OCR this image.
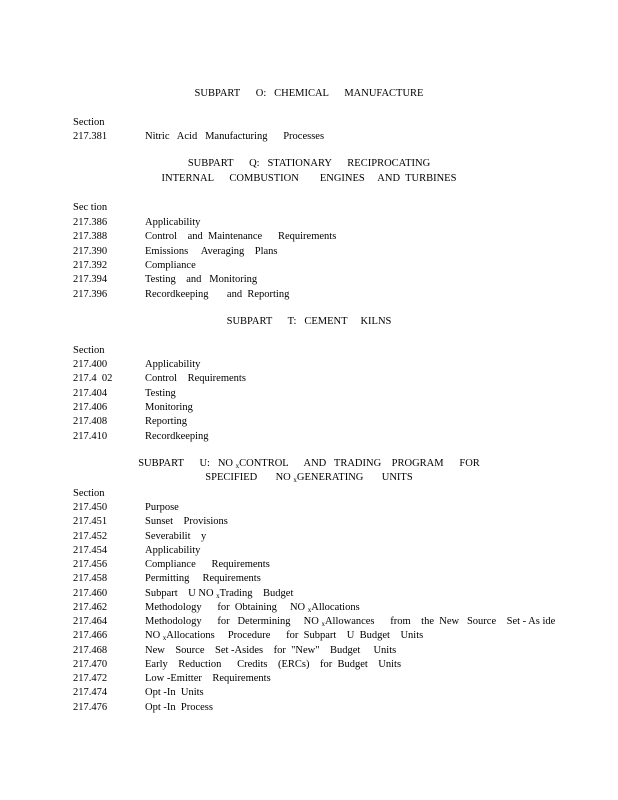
SUBPART      O:   CHEMICAL      MANUFACTURE
Section
217.381	Nitric   Acid   Manufacturing      Processes
SUBPART      Q:   STATIONARY      RECIPROCATING
INTERNAL      COMBUSTION        ENGINES     AND  TURBINES
Sec tion
217.386	Applicability
217.388	Control    and  Maintenance      Requirements
217.390	Emissions     Averaging    Plans
217.392	Compliance
217.394	Testing    and   Monitoring
217.396	Recordkeeping       and  Reporting
SUBPART      T:   CEMENT     KILNS
Section
217.400	Applicability
217.4  02	Control    Requirements
217.404	Testing
217.406	Monitoring
217.408	Reporting
217.410	Recordkeeping
SUBPART      U:   NO $_x$CONTROL      AND   TRADING    PROGRAM      FOR
SPECIFIED       NO $_x$GENERATING       UNITS
Section
217.450	Purpose
217.451	Sunset    Provisions
217.452	Severabilit    y
217.454	Applicability
217.456	Compliance      Requirements
217.458	Permitting     Requirements
217.460	Subpart    U NO $_x$Trading    Budget
217.462	Methodology      for  Obtaining     NO $_x$Allocations
217.464	Methodology      for   Determining     NO $_x$Allowances      from    the  New   Source    Set - As ide
217.466	NO $_x$Allocations     Procedure      for  Subpart    U  Budget    Units
217.468	New    Source    Set -Asides    for  "New"    Budget     Units
217.470	Early    Reduction      Credits    (ERCs)    for  Budget    Units
217.472	Low -Emitter    Requirements
217.474	Opt -In  Units
217.476	Opt -In  Process
